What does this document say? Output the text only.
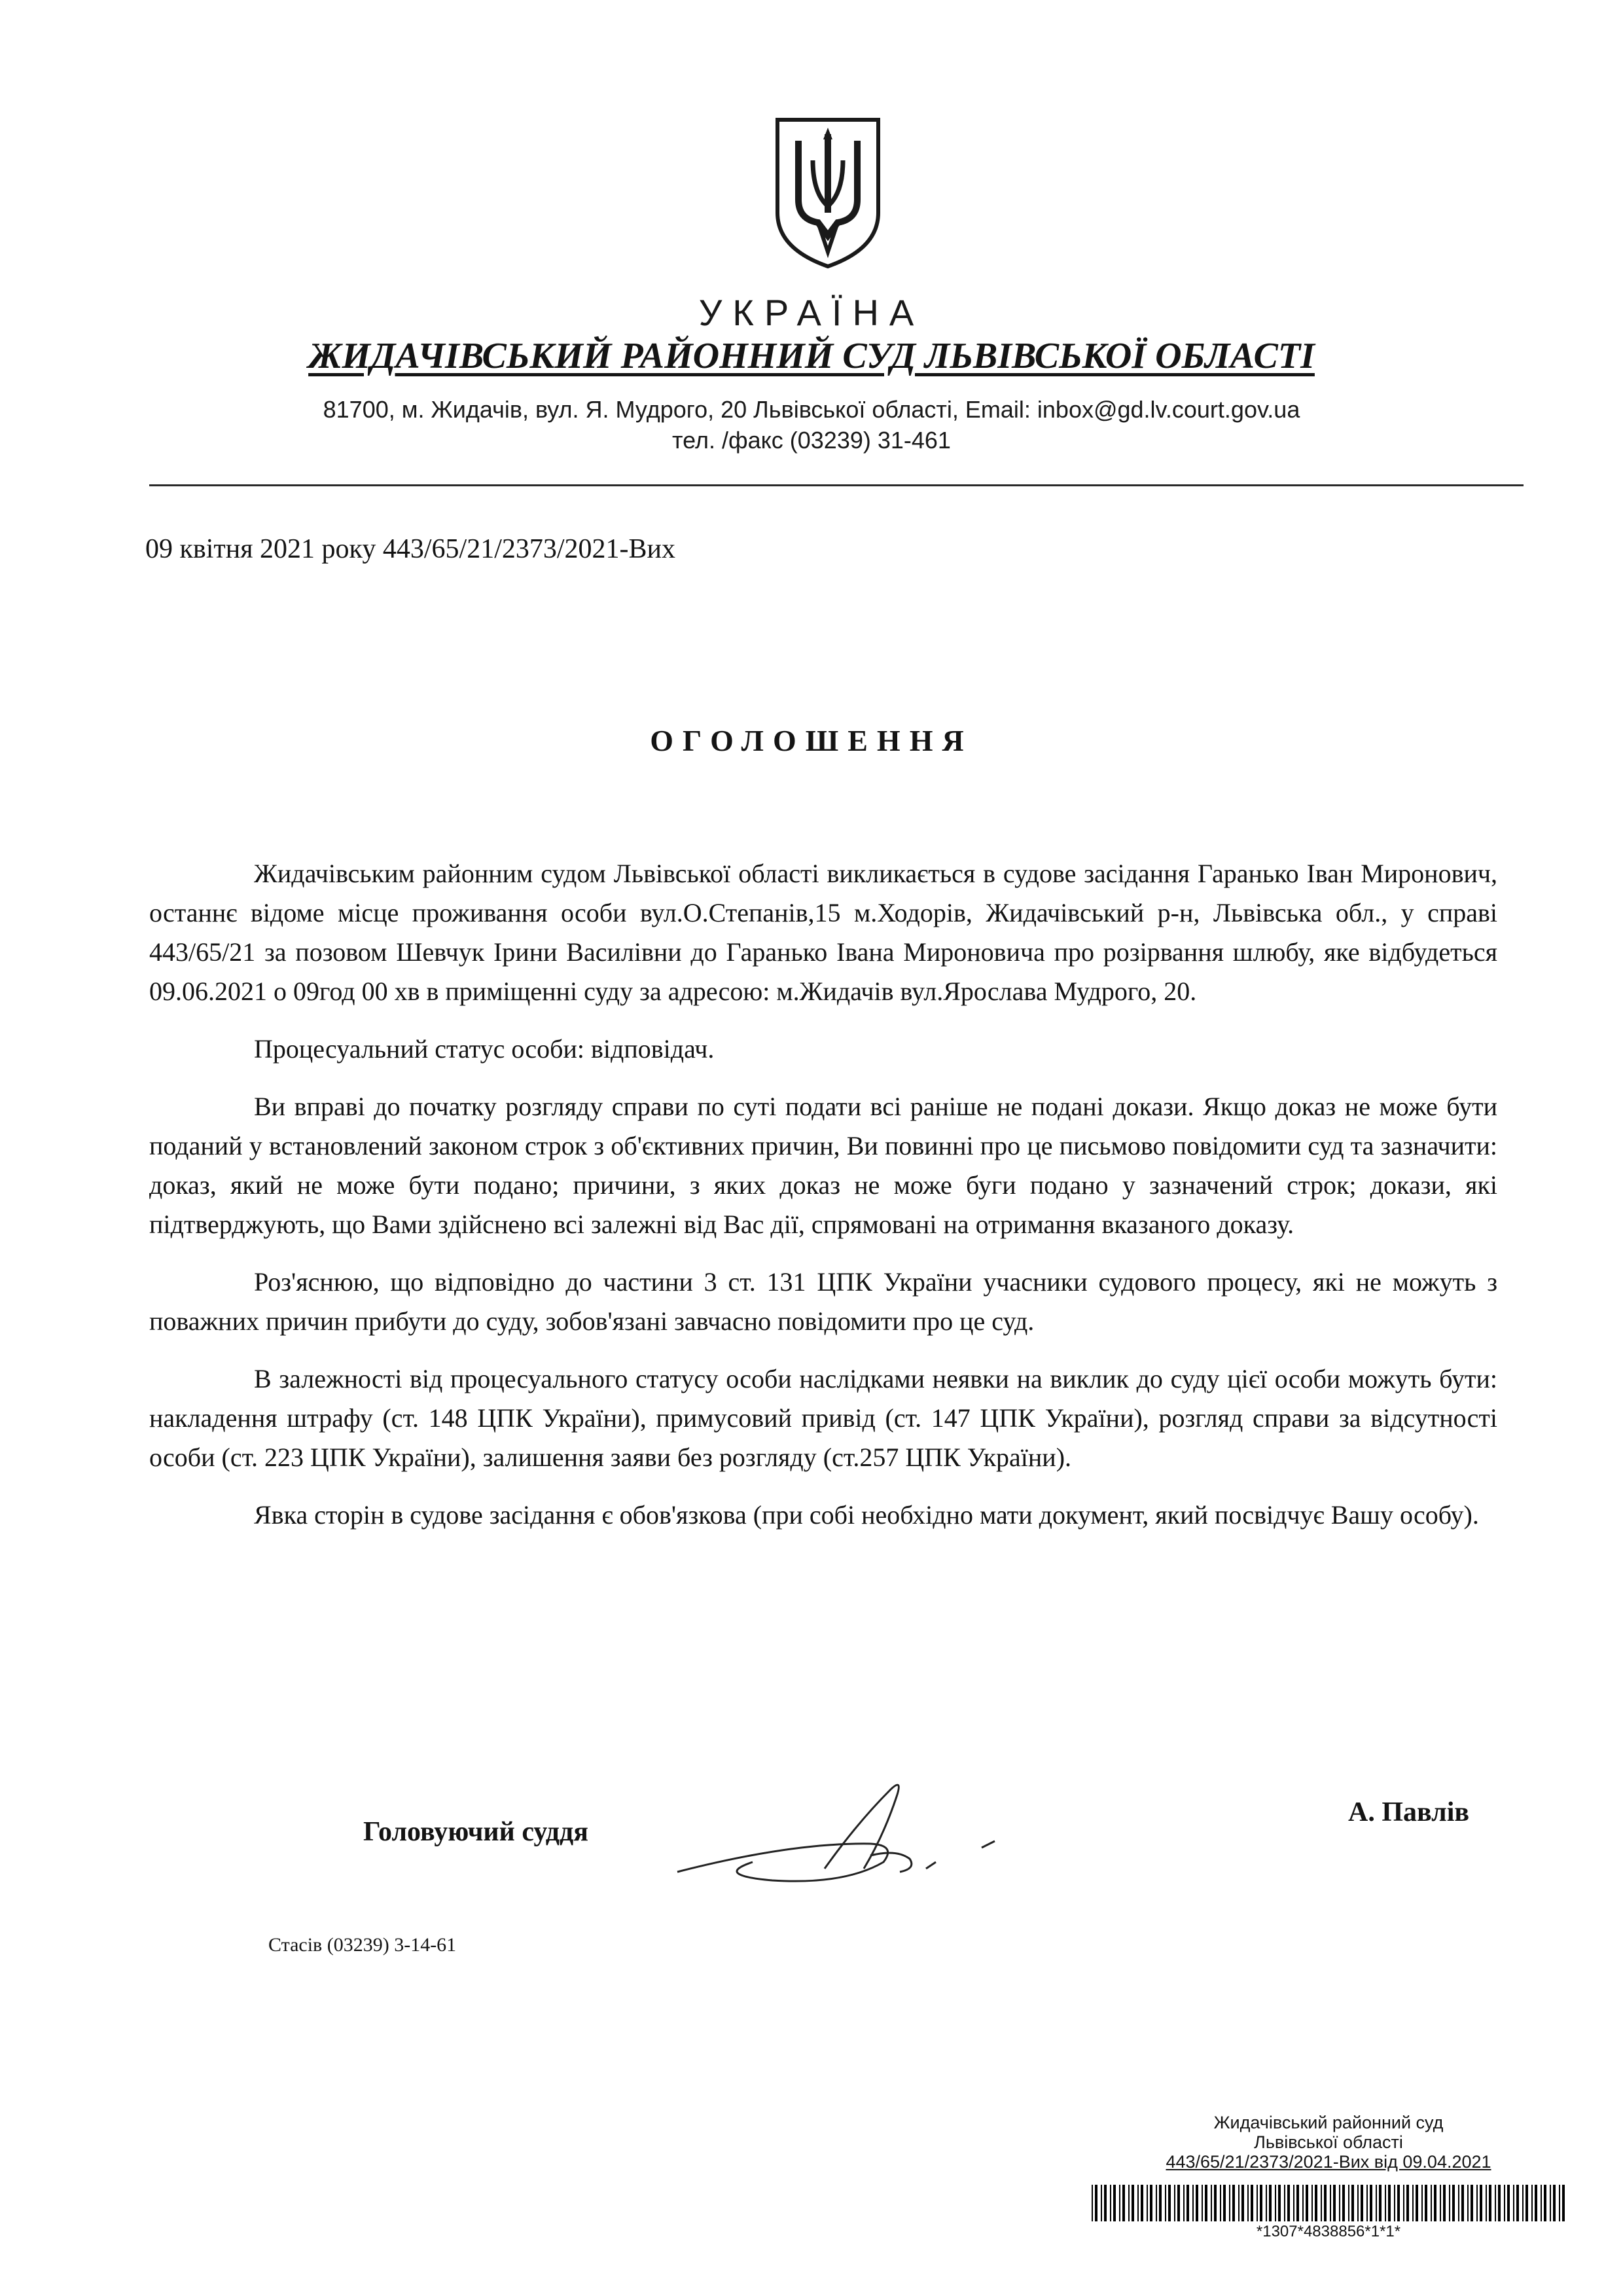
УКРАЇНА
ЖИДАЧІВСЬКИЙ РАЙОННИЙ СУД ЛЬВІВСЬКОЇ ОБЛАСТІ
81700, м. Жидачів, вул. Я. Мудрого, 20 Львівської області, Email: inbox@gd.lv.court.gov.ua
тел. /факс (03239) 31-461
09 квітня 2021 року 443/65/21/2373/2021-Вих
ОГОЛОШЕННЯ

Жидачівським районним судом Львівської області викликається в судове засідання Гаранько Іван Миронович, останнє відоме місце проживання особи вул.О.Степанів,15 м.Ходорів, Жидачівський р-н, Львівська обл., у справі 443/65/21 за позовом Шевчук Ірини Василівни до Гаранько Івана Мироновича про розірвання шлюбу, яке відбудеться 09.06.2021 о 09год 00 хв в приміщенні суду за адресою: м.Жидачів вул.Ярослава Мудрого, 20.

Процесуальний статус особи: відповідач.

Ви вправі до початку розгляду справи по суті подати всі раніше не подані докази. Якщо доказ не може бути поданий у встановлений законом строк з об'єктивних причин, Ви повинні про це письмово повідомити суд та зазначити: доказ, який не може бути подано; причини, з яких доказ не може буги подано у зазначений строк; докази, які підтверджують, що Вами здійснено всі залежні від Вас дії, спрямовані на отримання вказаного доказу.

Роз'яснюю, що відповідно до частини 3 ст. 131 ЦПК України учасники судового процесу, які не можуть з поважних причин прибути до суду, зобов'язані завчасно повідомити про це суд.

В залежності від процесуального статусу особи наслідками неявки на виклик до суду цієї особи можуть бути: накладення штрафу (ст. 148 ЦПК України), примусовий привід (ст. 147 ЦПК України), розгляд справи за відсутності особи (ст. 223 ЦПК України), залишення заяви без розгляду (ст.257 ЦПК України).

Явка сторін в судове засідання є обов'язкова (при собі необхідно мати документ, який посвідчує Вашу особу).

Головуючий суддя
А. Павлів
Стасів (03239) 3-14-61
Жидачівський районний суд
Львівської області
443/65/21/2373/2021-Вих від 09.04.2021
*1307*4838856*1*1*
